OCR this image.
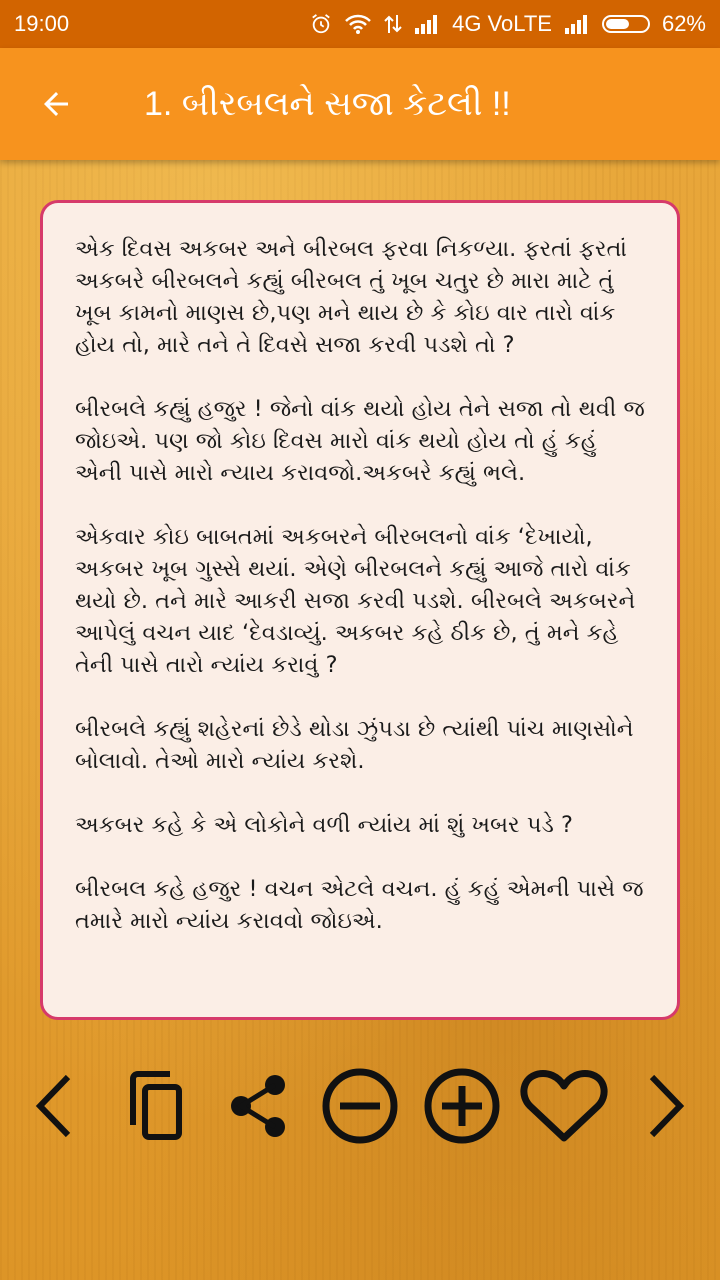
19:00	4G VoLTE	62%
1. બીરબલને સજા કેટલી !!

એક દિવસ અકબર અને બીરબલ ફરવા નિકળ્યા. ફરતાં ફરતાં અકબરે બીરબલને કહ્યું બીરબલ તું ખૂબ ચતુર છે મારા માટે તું ખૂબ કામનો માણસ છે,પણ મને થાય છે કે કોઇ વાર તારો વાંક હોય તો, મારે તને તે દિવસે સજા કરવી પડશે તો ?

બીરબલે કહ્યું હજુર ! જેનો વાંક થયો હોય તેને સજા તો થવી જ જોઇએ. પણ જો કોઇ દિવસ મારો વાંક થયો હોય તો હું કહું એની પાસે મારો ન્યાય કરાવજો.અકબરે કહ્યું ભલે.

એકવાર કોઇ બાબતમાં અકબરને બીરબલનો વાંક ‘દેખાયો, અકબર ખૂબ ગુસ્સે થયાં. એણે બીરબલને કહ્યું આજે તારો વાંક થયો છે. તને મારે આકરી સજા કરવી પડશે. બીરબલે અકબરને આપેલું વચન યાદ ‘દેવડાવ્યું. અકબર કહે ઠીક છે, તું મને કહે તેની પાસે તારો ન્યાંય કરાવું ?

બીરબલે કહ્યું શહેરનાં છેડે થોડા ઝુંપડા છે ત્યાંથી પાંચ માણસોને બોલાવો. તેઓ મારો ન્યાંય કરશે.

અકબર કહે કે એ લોકોને વળી ન્યાંય માં શું ખબર પડે ?

બીરબલ કહે હજુર ! વચન એટલે વચન. હું કહું એમની પાસે જ તમારે મારો ન્યાંય કરાવવો જોઇએ.
